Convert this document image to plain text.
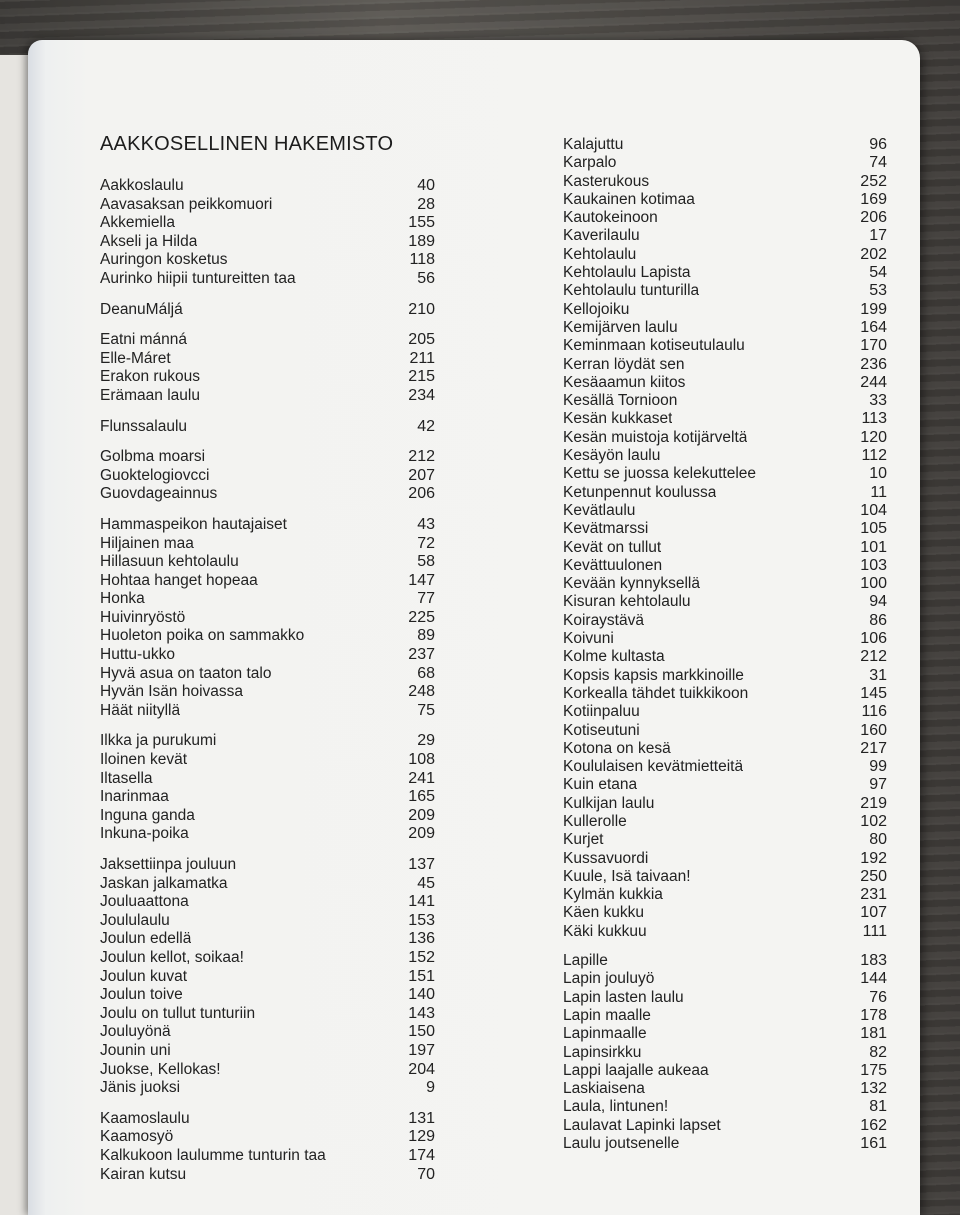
AAKKOSELLINEN HAKEMISTO
Aakkoslaulu	40
Aavasaksan peikkomuori	28
Akkemiella	155
Akseli ja Hilda	189
Auringon kosketus	118
Aurinko hiipii tuntureitten taa	56
DeanuMáljá	210
Eatni mánná	205
Elle-Máret	211
Erakon rukous	215
Erämaan laulu	234
Flunssalaulu	42
Golbma moarsi	212
Guoktelogiovcci	207
Guovdageainnus	206
Hammaspeikon hautajaiset	43
Hiljainen maa	72
Hillasuun kehtolaulu	58
Hohtaa hanget hopeaa	147
Honka	77
Huivinryöstö	225
Huoleton poika on sammakko	89
Huttu-ukko	237
Hyvä asua on taaton talo	68
Hyvän Isän hoivassa	248
Häät niityllä	75
Ilkka ja purukumi	29
Iloinen kevät	108
Iltasella	241
Inarinmaa	165
Inguna ganda	209
Inkuna-poika	209
Jaksettiinpa jouluun	137
Jaskan jalkamatka	45
Jouluaattona	141
Joululaulu	153
Joulun edellä	136
Joulun kellot, soikaa!	152
Joulun kuvat	151
Joulun toive	140
Joulu on tullut tunturiin	143
Jouluyönä	150
Jounin uni	197
Juokse, Kellokas!	204
Jänis juoksi	9
Kaamoslaulu	131
Kaamosyö	129
Kalkukoon laulumme tunturin taa	174
Kairan kutsu	70
Kalajuttu	96
Karpalo	74
Kasterukous	252
Kaukainen kotimaa	169
Kautokeinoon	206
Kaverilaulu	17
Kehtolaulu	202
Kehtolaulu Lapista	54
Kehtolaulu tunturilla	53
Kellojoiku	199
Kemijärven laulu	164
Keminmaan kotiseutulaulu	170
Kerran löydät sen	236
Kesäaamun kiitos	244
Kesällä Tornioon	33
Kesän kukkaset	113
Kesän muistoja kotijärveltä	120
Kesäyön laulu	112
Kettu se juossa kelekuttelee	10
Ketunpennut koulussa	11
Kevätlaulu	104
Kevätmarssi	105
Kevät on tullut	101
Kevättuulonen	103
Kevään kynnyksellä	100
Kisuran kehtolaulu	94
Koiraystävä	86
Koivuni	106
Kolme kultasta	212
Kopsis kapsis markkinoille	31
Korkealla tähdet tuikkikoon	145
Kotiinpaluu	116
Kotiseutuni	160
Kotona on kesä	217
Koululaisen kevätmietteitä	99
Kuin etana	97
Kulkijan laulu	219
Kullerolle	102
Kurjet	80
Kussavuordi	192
Kuule, Isä taivaan!	250
Kylmän kukkia	231
Käen kukku	107
Käki kukkuu	111
Lapille	183
Lapin jouluyö	144
Lapin lasten laulu	76
Lapin maalle	178
Lapinmaalle	181
Lapinsirkku	82
Lappi laajalle aukeaa	175
Laskiaisena	132
Laula, lintunen!	81
Laulavat Lapinki lapset	162
Laulu joutsenelle	161
